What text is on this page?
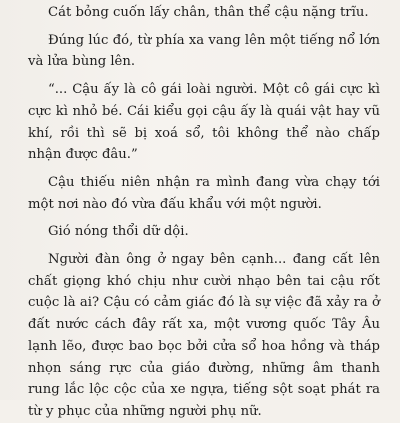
Cát bỏng cuốn lấy chân, thân thể cậu nặng trĩu.

Đúng lúc đó, từ phía xa vang lên một tiếng nổ lớn và lửa bùng lên.

“... Cậu ấy là cô gái loài người. Một cô gái cực kì cực kì nhỏ bé. Cái kiểu gọi cậu ấy là quái vật hay vũ khí, rồi thì sẽ bị xoá sổ, tôi không thể nào chấp nhận được đâu.”

Cậu thiếu niên nhận ra mình đang vừa chạy tới một nơi nào đó vừa đấu khẩu với một người.

Gió nóng thổi dữ dội.

Người đàn ông ở ngay bên cạnh... đang cất lên chất giọng khó chịu như cười nhạo bên tai cậu rốt cuộc là ai? Cậu có cảm giác đó là sự việc đã xảy ra ở đất nước cách đây rất xa, một vương quốc Tây Âu lạnh lẽo, được bao bọc bởi cửa sổ hoa hồng và tháp nhọn sáng rực của giáo đường, những âm thanh rung lắc lộc cộc của xe ngựa, tiếng sột soạt phát ra từ y phục của những người phụ nữ.
